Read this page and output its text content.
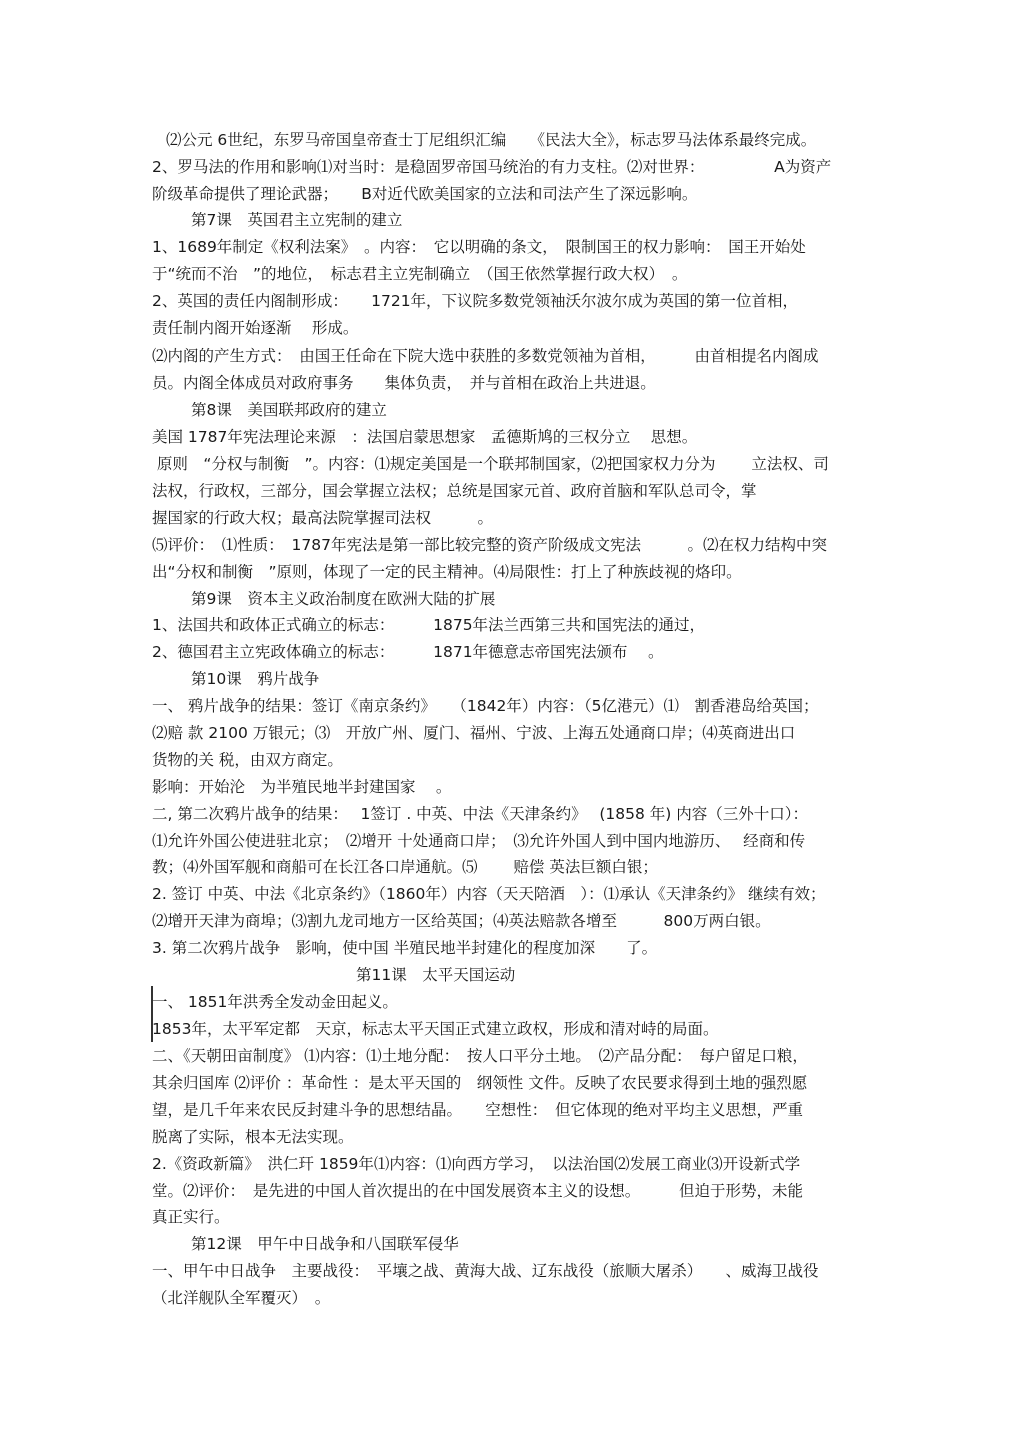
⑵公元 6世纪，东罗马帝国皇帝查士丁尼组织汇编　　《民法大全》，标志罗马法体系最终完成。
2、罗马法的作用和影响⑴对当时：是稳固罗帝国马统治的有力支柱。⑵对世界：　　　　　A为资产
阶级革命提供了理论武器；　　B对近代欧美国家的立法和司法产生了深远影响。
第7课　英国君主立宪制的建立
1、1689年制定《权利法案》　。内容：　它以明确的条文，　限制国王的权力影响：　国王开始处
于“统而不治　”的地位，　标志君主立宪制确立　（国王依然掌握行政大权）　。
2、英国的责任内阁制形成：　　1721年，下议院多数党领袖沃尔波尔成为英国的第一位首相，
责任制内阁开始逐渐　 形成。
⑵内阁的产生方式：　由国王任命在下院大选中获胜的多数党领袖为首相，　　　由首相提名内阁成
员。内阁全体成员对政府事务　　集体负责，　并与首相在政治上共进退。
第8课　美国联邦政府的建立
美国 1787年宪法理论来源　：法国启蒙思想家　孟德斯鸠的三权分立　 思想。
原则　“分权与制衡　”。内容：⑴规定美国是一个联邦制国家，⑵把国家权力分为　　 立法权、司
法权，行政权，三部分，国会掌握立法权；总统是国家元首、政府首脑和军队总司令，掌
握国家的行政大权；最高法院掌握司法权　　　。
⑸评价：　⑴性质：　1787年宪法是第一部比较完整的资产阶级成文宪法　　　。⑵在权力结构中突
出“分权和制衡　”原则，体现了一定的民主精神。⑷局限性：打上了种族歧视的烙印。
第9课　资本主义政治制度在欧洲大陆的扩展
1、法国共和政体正式确立的标志：　　　1875年法兰西第三共和国宪法的通过，
2、德国君主立宪政体确立的标志：　　　1871年德意志帝国宪法颁布　 。
第10课　鸦片战争
一、 鸦片战争的结果：签订《南京条约》　　（1842年）内容：（5亿港元）⑴　割香港岛给英国；
⑵赔 款 2100 万银元；⑶　开放广州、厦门、福州、宁波、上海五处通商口岸；⑷英商进出口
货物的关 税，由双方商定。
影响：开始沦　为半殖民地半封建国家　 。
二, 第二次鸦片战争的结果：　 1签订 . 中英、中法《天津条约》　 (1858 年) 内容（三外十口）：
⑴允许外国公使进驻北京；　⑵增开 十处通商口岸；　⑶允许外国人到中国内地游历、　 经商和传
教；⑷外国军舰和商船可在长江各口岸通航。⑸　　 赔偿 英法巨额白银；
2. 签订 中英、中法《北京条约》（1860年）内容（天天陪酒　）：⑴承认《天津条约》 继续有效；
⑵增开天津为商埠；⑶割九龙司地方一区给英国；⑷英法赔款各增至　　　800万两白银。
3. 第二次鸦片战争　影响，使中国 半殖民地半封建化的程度加深　　了。
第11课　太平天国运动
一、 1851年洪秀全发动金田起义。
1853年，太平军定都　天京，标志太平天国正式建立政权，形成和清对峙的局面。
二、《天朝田亩制度》 ⑴内容：⑴土地分配：　按人口平分土地。　⑵产品分配：　每户留足口粮，
其余归国库 ⑵评价 ：革命性 ：是太平天国的　纲领性 文件。反映了农民要求得到土地的强烈愿
望，是几千年来农民反封建斗争的思想结晶。　　空想性：　但它体现的绝对平均主义思想，严重
脱离了实际，根本无法实现。
2.《资政新篇》　洪仁玕 1859年⑴内容：⑴向西方学习，　以法治国⑵发展工商业⑶开设新式学
堂。⑵评价：　是先进的中国人首次提出的在中国发展资本主义的设想。　　　但迫于形势，未能
真正实行。
第12课　甲午中日战争和八国联军侵华
一、甲午中日战争　主要战役：　平壤之战、黄海大战、辽东战役（旅顺大屠杀）　　、威海卫战役
（北洋舰队全军覆灭）　。
